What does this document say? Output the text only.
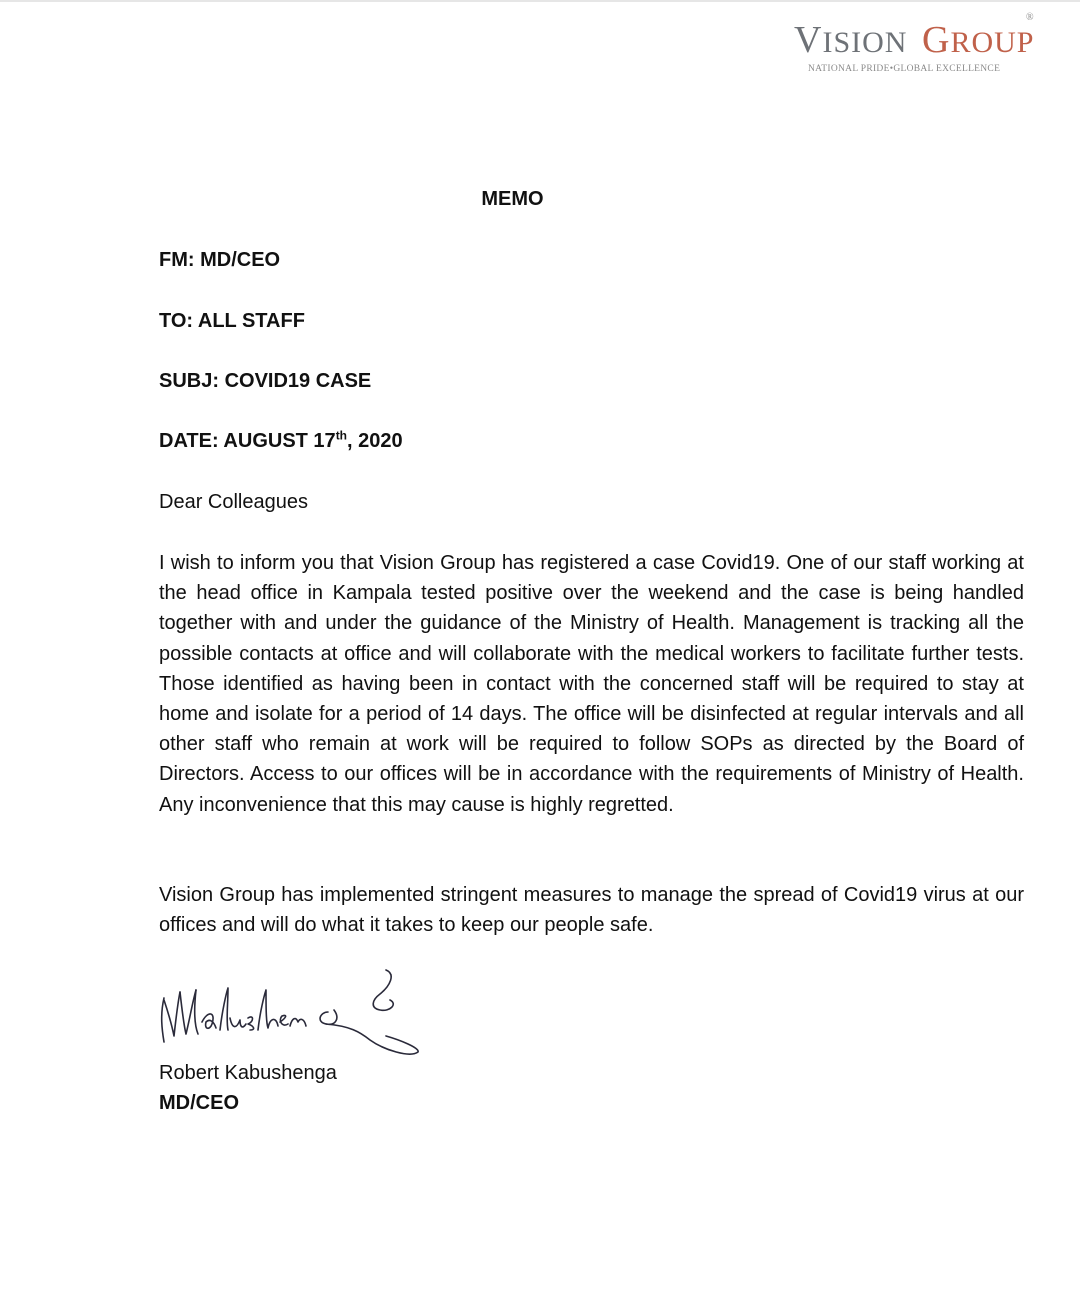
VISION GROUP
®
NATIONAL PRIDE•GLOBAL EXCELLENCE
MEMO
FM: MD/CEO
TO: ALL STAFF
SUBJ: COVID19 CASE
DATE: AUGUST 17th, 2020
Dear Colleagues
I wish to inform you that Vision Group has registered a case Covid19. One of our staff working at the head office in Kampala tested positive over the weekend and the case is being handled together with and under the guidance of the Ministry of Health. Management is tracking all the possible contacts at office and will collaborate with the medical workers to facilitate further tests. Those identified as having been in contact with the concerned staff will be required to stay at home and isolate for a period of 14 days. The office will be disinfected at regular intervals and all other staff who remain at work will be required to follow SOPs as directed by the Board of Directors. Access to our offices will be in accordance with the requirements of Ministry of Health. Any inconvenience that this may cause is highly regretted.
Vision Group has implemented stringent measures to manage the spread of Covid19 virus at our offices and will do what it takes to keep our people safe.
Robert Kabushenga
MD/CEO
